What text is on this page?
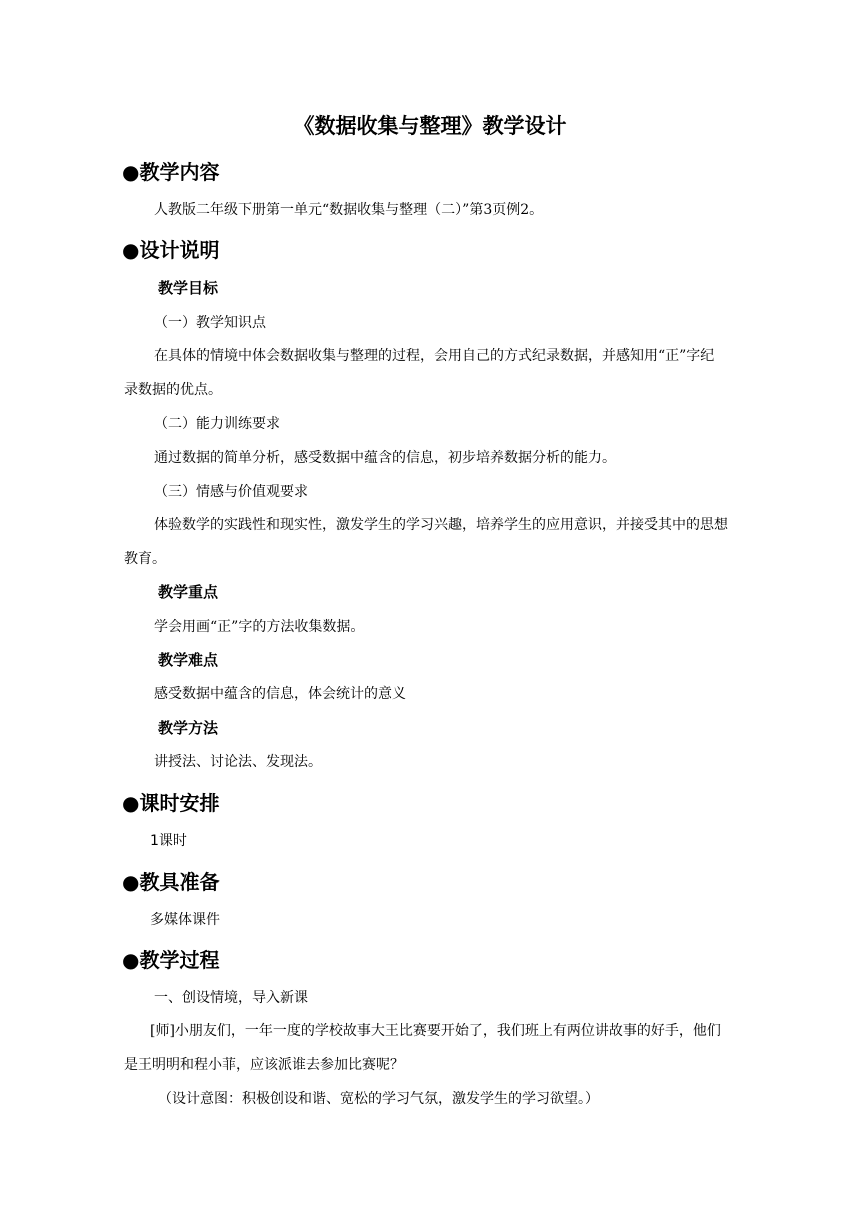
《数据收集与整理》教学设计
●教学内容
人教版二年级下册第一单元“数据收集与整理（二）”第3页例2。
●设计说明
教学目标
（一）教学知识点
在具体的情境中体会数据收集与整理的过程，会用自己的方式纪录数据，并感知用“正”字纪
录数据的优点。
（二）能力训练要求
通过数据的简单分析，感受数据中蕴含的信息，初步培养数据分析的能力。
（三）情感与价值观要求
体验数学的实践性和现实性，激发学生的学习兴趣，培养学生的应用意识，并接受其中的思想
教育。
教学重点
学会用画“正”字的方法收集数据。
教学难点
感受数据中蕴含的信息，体会统计的意义
教学方法
讲授法、讨论法、发现法。
●课时安排
1课时
●教具准备
多媒体课件
●教学过程
一、创设情境，导入新课
[师]小朋友们，一年一度的学校故事大王比赛要开始了，我们班上有两位讲故事的好手，他们
是王明明和程小菲，应该派谁去参加比赛呢？
（设计意图：积极创设和谐、宽松的学习气氛，激发学生的学习欲望。）
